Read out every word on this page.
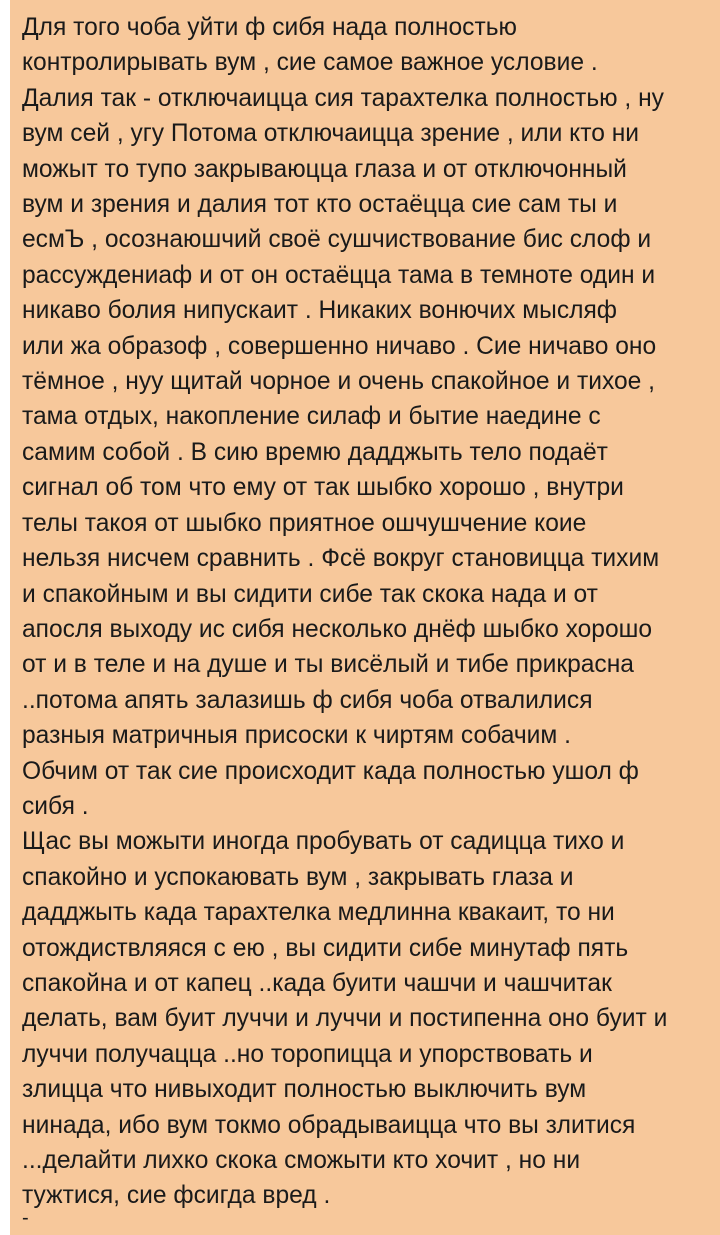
Для того чоба уйти ф сибя нада полностью
контролирывать вум , сие самое важное условие .
Далия так - отключаицца сия тарахтелка полностью , ну
вум сей , угу Потома отключаицца зрение , или кто ни
можыт то тупо закрываюцца глаза и от отключонный
вум и зрения и далия тот кто остаёцца сие сам ты и
есмЪ , осознаюшчий своё сушчиствование бис слоф и
рассуждениаф и от он остаёцца тама в темноте один и
никаво болия нипускаит . Никаких вонючих мысляф
или жа образоф , совершенно ничаво . Сие ничаво оно
тёмное , нуу щитай чорное и очень спакойное и тихое ,
тама отдых, накопление силаф и бытие наедине с
самим собой . В сию времю дадджыть тело подаёт
сигнал об том что ему от так шыбко хорошо , внутри
телы такоя от шыбко приятное ошчушчение коие
нельзя нисчем сравнить . Фсё вокруг становицца тихим
и спакойным и вы сидити сибе так скока нада и от
апосля выходу ис сибя несколько днёф шыбко хорошо
от и в теле и на душе и ты висёлый и тибе прикрасна
..потома апять залазишь ф сибя чоба отвалилися
разныя матричныя присоски к чиртям собачим .
Обчим от так сие происходит када полностью ушол ф
сибя .
Щас вы можыти иногда пробувать от садицца тихо и
спакойно и успокаювать вум , закрывать глаза и
дадджыть када тарахтелка медлинна квакаит, то ни
отождиствляяся с ею , вы сидити сибе минутаф пять
спакойна и от капец ..када буити чашчи и чашчитак
делать, вам буит луччи и луччи и постипенна оно буит и
луччи получацца ..но торопицца и упорствовать и
злицца что нивыходит полностью выключить вум
нинада, ибо вум токмо обрадываицца что вы злитися
...делайти лихко скока сможыти кто хочит , но ни
тужтися, сие фсигда вред .
-
